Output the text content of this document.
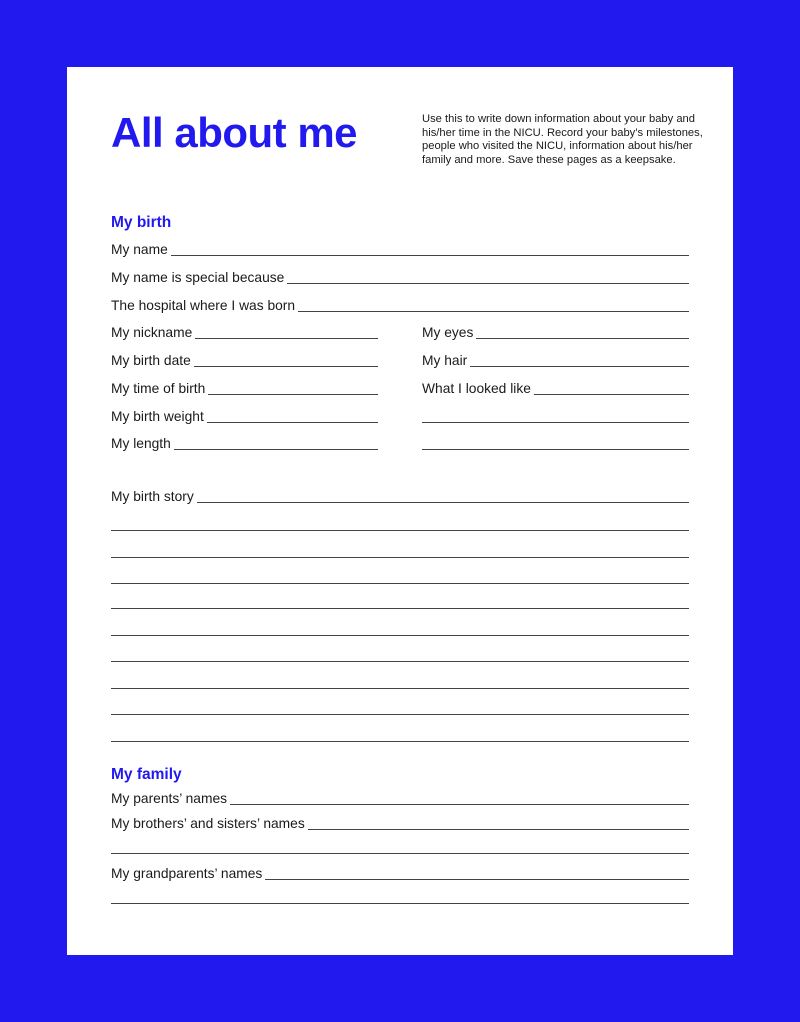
All about me	Use this to write down information about your baby and his/her time in the NICU. Record your baby’s milestones, people who visited the NICU, information about his/her family and more. Save these pages as a keepsake.

My birth
My name
My name is special because
The hospital where I was born
My nickname
My birth date
My time of birth
My birth weight
My length
My eyes
My hair
What I looked like
My birth story
My family
My parents’ names
My brothers’ and sisters’ names
My grandparents’ names
